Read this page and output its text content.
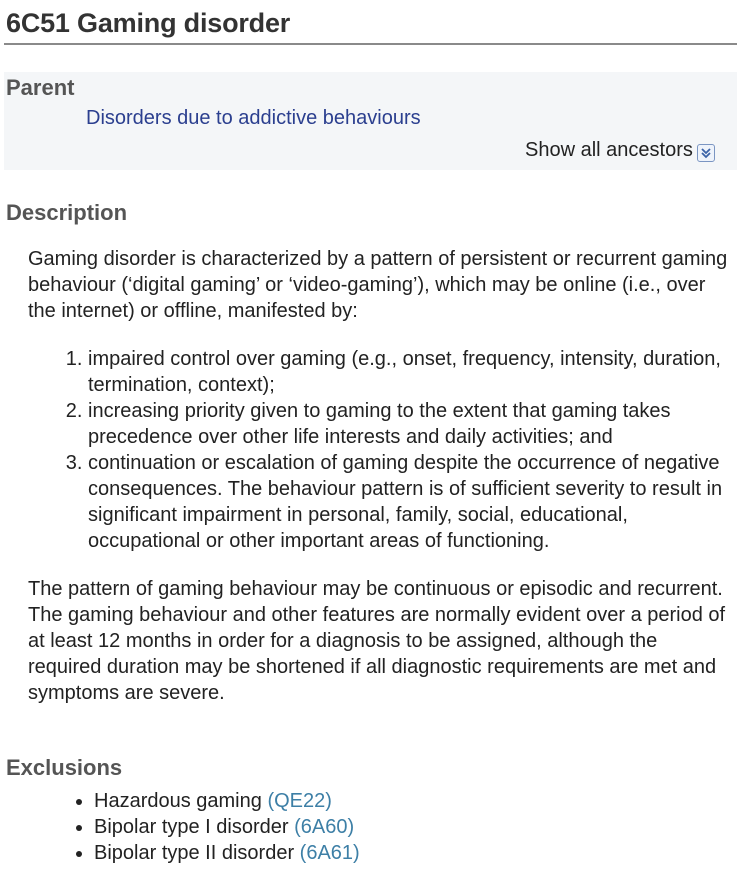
6C51 Gaming disorder
Parent
Disorders due to addictive behaviours
Show all ancestors
Description

Gaming disorder is characterized by a pattern of persistent or recurrent gaming behaviour (‘digital gaming’ or ‘video-gaming’), which may be online (i.e., over the internet) or offline, manifested by:

1. impaired control over gaming (e.g., onset, frequency, intensity, duration, termination, context);
2. increasing priority given to gaming to the extent that gaming takes precedence over other life interests and daily activities; and
3. continuation or escalation of gaming despite the occurrence of negative consequences. The behaviour pattern is of sufficient severity to result in significant impairment in personal, family, social, educational, occupational or other important areas of functioning.

The pattern of gaming behaviour may be continuous or episodic and recurrent. The gaming behaviour and other features are normally evident over a period of at least 12 months in order for a diagnosis to be assigned, although the required duration may be shortened if all diagnostic requirements are met and symptoms are severe.

Exclusions
• Hazardous gaming (QE22)
• Bipolar type I disorder (6A60)
• Bipolar type II disorder (6A61)
